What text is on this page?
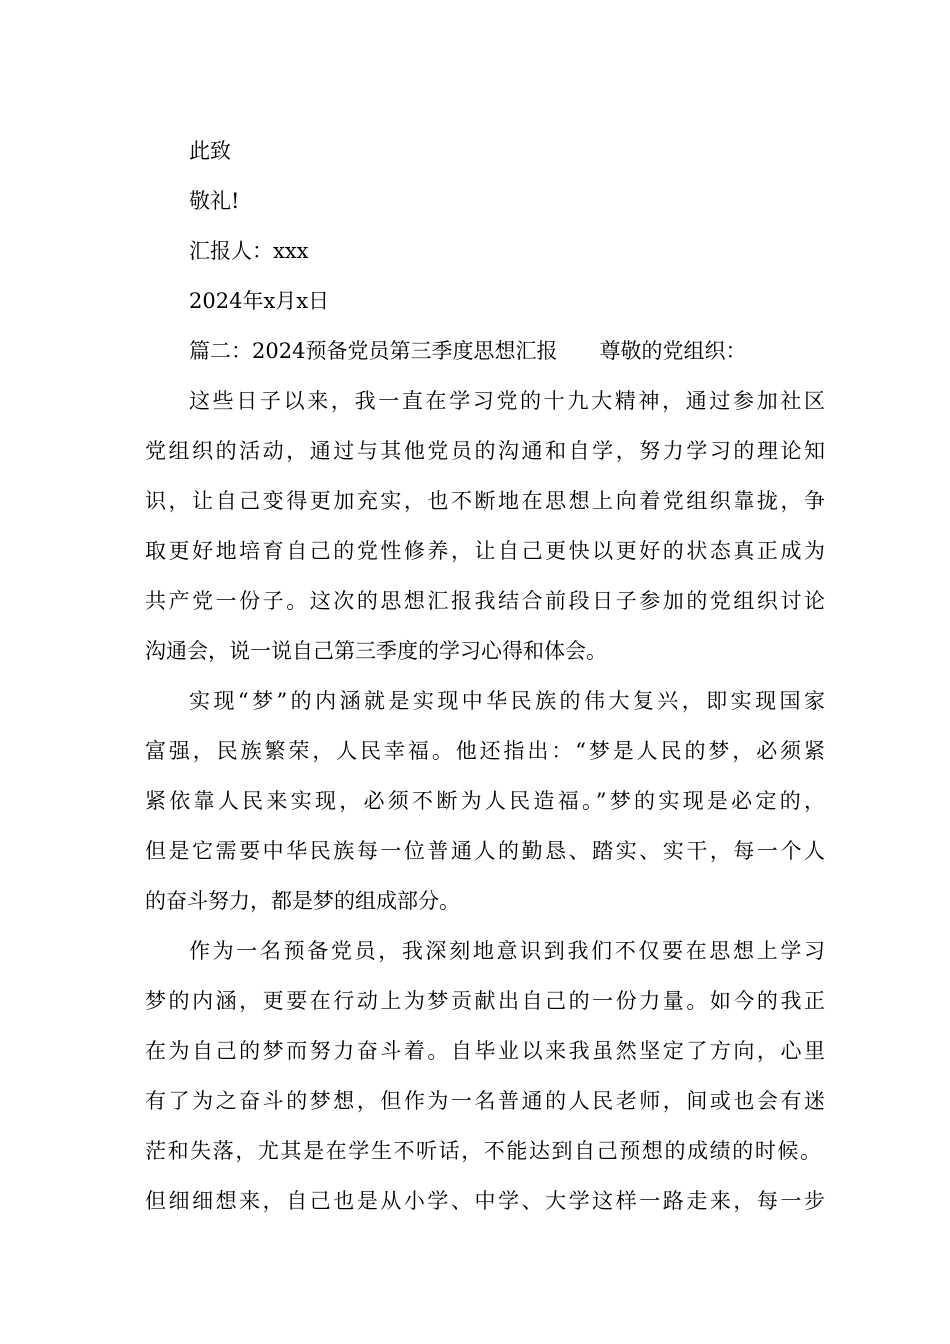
此致
敬礼!
汇报人：xxx
2024年x月x日
篇二：2024预备党员第三季度思想汇报　　尊敬的党组织：
这些日子以来，我一直在学习党的十九大精神，通过参加社区
党组织的活动，通过与其他党员的沟通和自学，努力学习的理论知
识，让自己变得更加充实，也不断地在思想上向着党组织靠拢，争
取更好地培育自己的党性修养，让自己更快以更好的状态真正成为
共产党一份子。这次的思想汇报我结合前段日子参加的党组织讨论
沟通会，说一说自己第三季度的学习心得和体会。
实现“梦”的内涵就是实现中华民族的伟大复兴，即实现国家
富强，民族繁荣，人民幸福。他还指出：“梦是人民的梦，必须紧
紧依靠人民来实现，必须不断为人民造福。”梦的实现是必定的，
但是它需要中华民族每一位普通人的勤恳、踏实、实干，每一个人
的奋斗努力，都是梦的组成部分。
作为一名预备党员，我深刻地意识到我们不仅要在思想上学习
梦的内涵，更要在行动上为梦贡献出自己的一份力量。如今的我正
在为自己的梦而努力奋斗着。自毕业以来我虽然坚定了方向，心里
有了为之奋斗的梦想，但作为一名普通的人民老师，间或也会有迷
茫和失落，尤其是在学生不听话，不能达到自己预想的成绩的时候。
但细细想来，自己也是从小学、中学、大学这样一路走来，每一步
